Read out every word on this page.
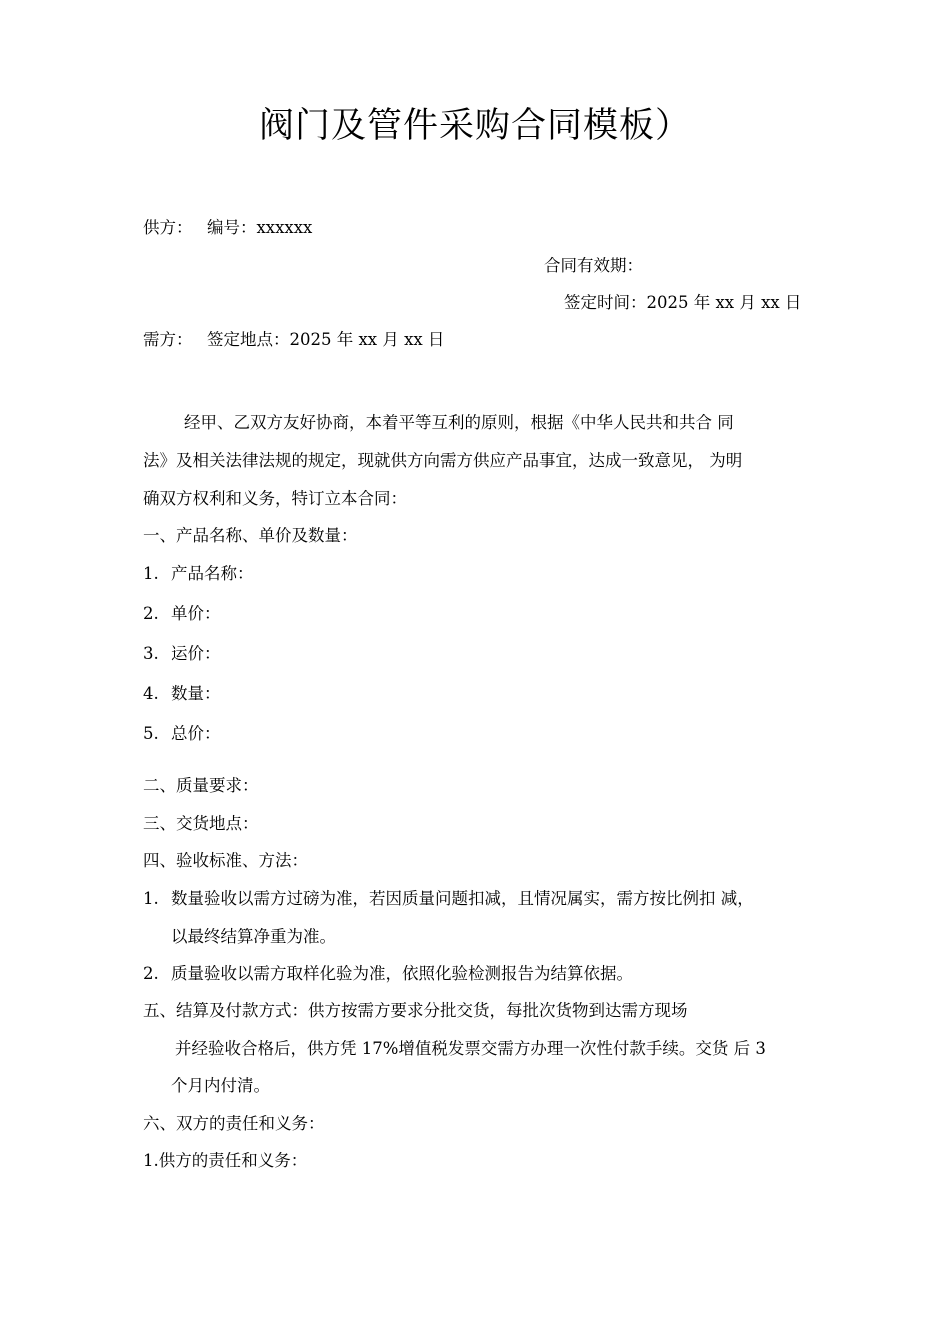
阀门及管件采购合同模板）
供方： 编号：xxxxxx
合同有效期：
签定时间：2025 年 xx 月 xx 日
需方： 签定地点：2025 年 xx 月 xx 日
经甲、乙双方友好协商，本着平等互利的原则，根据《中华人民共和共合 同
法》及相关法律法规的规定，现就供方向需方供应产品事宜，达成一致意见， 为明
确双方权利和义务，特订立本合同：
一、产品名称、单价及数量：
1. 产品名称：
2. 单价：
3. 运价：
4. 数量：
5. 总价：
二、质量要求：
三、交货地点：
四、验收标准、方法：
1. 数量验收以需方过磅为准，若因质量问题扣减，且情况属实，需方按比例扣 减，
以最终结算净重为准。
2. 质量验收以需方取样化验为准，依照化验检测报告为结算依据。
五、结算及付款方式：供方按需方要求分批交货，每批次货物到达需方现场
并经验收合格后，供方凭 17%增值税发票交需方办理一次性付款手续。交货 后 3
个月内付清。
六、双方的责任和义务：
1.供方的责任和义务：
